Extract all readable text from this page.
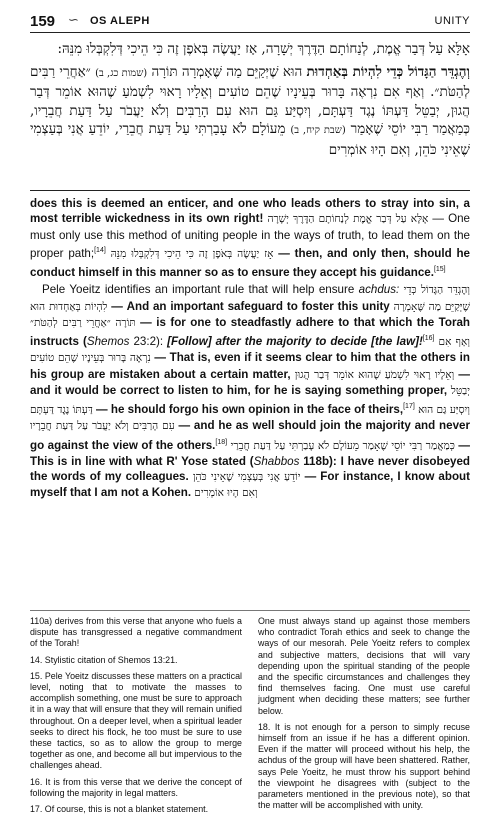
159 ∽ OS ALEPH	UNITY

אָלָּא עַל דְּבַר אֱמֶת, לְנַחוֹתָם הַדֶּרֶךְ יְשָׁרָה, אָז יַעֲשֶׂה בְּאֹפֶן זֶה כִּי הֵיכִי דְּלִקְבְּלוּ מִנֵּהּ:

וְהֶגְדֵּר הַגָּדוֹל כְּדֵי לִהְיוֹת בְּאַחְדוּת הוּא שֶׁיְּקַיֵּם מַה שֶּׁאָמְרָה תּוֹרָה (שמות כג, ב) ״אַחֲרֵי רַבִּים לְהַטֹּת״. וְאַף אִם נִרְאֶה בָּרוּר בְּעֵינָיו שֶׁהֵם טוֹעִים וְאֵלָיו רָאוּי לִשְׁמֹעַ שֶׁהוּא אוֹמֵר דְּבַר הֲגוּן, יְבַטֵּל דַּעְתּוֹ נֶגֶד דַּעְתָּם, וְיִסְיַּע גַּם הוּא עִם הָרַבִּים וְלֹא יַעֲבֹר עַל דַּעַת חֲבֵרָיו, כְּמַאֲמַר רַבִּי יוֹסֵי שֶׁאָמַר (שבת קיח, ב) מֵעוֹלָם לֹא עָבַרְתִּי עַל דַּעַת חֲבֵרַי, יוֹדֵעַ אֲנִי בְּעַצְמִי שֶׁאֵינִי כֹּהֵן, וְאִם הָיוּ אוֹמְרִים

does this is deemed an enticer, and one who leads others to stray into sin, a most terrible wickedness in its own right! אָלָּא עַל דְּבַר אֱמֶת לְנַחוֹתָם הַדֶּרֶךְ יְשָׁרָה — One must only use this method of uniting people in the ways of truth, to lead them on the proper path;[14] אָז יַעֲשֶׂה בְּאֹפֶן זֶה כִּי הֵיכִי דְּלִקְבְּלוּ מִנֵּהּ — then, and only then, should he conduct himself in this manner so as to ensure they accept his guidance.[15]

Pele Yoeitz identifies an important rule that will help ensure achdus: וְהֶגְדֵּר הַגָּדוֹל כְּדֵי לִהְיוֹת בְּאַחְדוּת הוּא — And an important safeguard to foster this unity שֶׁיְּקַיֵּם מַה שֶּׁאָמְרָה תּוֹרָה ״אַחֲרֵי רַבִּים לְהַטֹּת״ — is for one to steadfastly adhere to that which the Torah instructs (Shemos 23:2): [Follow] after the majority to decide [the law]![16] וְאַף אִם נִרְאֶה בָּרוּר בְּעֵינָיו שֶׁהֵם טוֹעִים — That is, even if it seems clear to him that the others in his group are mistaken about a certain matter,	וְאֵלָיו רָאוּי לִשְׁמֹעַ שֶׁהוּא אוֹמֵר דְּבַר הֲגוּן	— and it would be correct to listen to him, for he is saying something proper, יְבַטֵּל דַּעְתּוֹ נֶגֶד דַּעְתָּם — he should forgo his own opinion in the face of theirs,[17] וְיִסְיַּע גַּם הוּא עִם הָרַבִּים וְלֹא יַעֲבֹר עַל דַּעַת חֲבֵרָיו — and he as well should join the majority and never go against the view of the others.[18]	כְּמַאֲמַר רַבִּי יוֹסֵי שֶׁאָמַר מֵעוֹלָם לֹא עָבַרְתִּי עַל דַּעַת חֲבֵרַי	— This is in line with what R' Yose stated (Shabbos 118b): I have never disobeyed the words of my colleagues. יוֹדֵעַ אֲנִי בְּעַצְמִי שֶׁאֵינִי כֹּהֵן — For instance, I know about myself that I am not a Kohen. וְאִם הָיוּ אוֹמְרִים

110a) derives from this verse that anyone who fuels a dispute has transgressed a negative commandment of the Torah!

14. Stylistic citation of Shemos 13:21.

15. Pele Yoeitz discusses these matters on a practical level, noting that to motivate the masses to accomplish something, one must be sure to approach it in a way that will ensure that they will remain unified throughout. On a deeper level, when a spiritual leader seeks to direct his flock, he too must be sure to use these tactics, so as to allow the group to merge together as one, and become all but impervious to the challenges ahead.

16. It is from this verse that we derive the concept of following the majority in legal matters.

17. Of course, this is not a blanket statement.

One must always stand up against those members who contradict Torah ethics and seek to change the ways of our mesorah. Pele Yoeitz refers to complex and subjective matters, decisions that will vary depending upon the spiritual standing of the people and the specific circumstances and challenges they find themselves facing. One must use careful judgment when deciding these matters; see further below.

18. It is not enough for a person to simply recuse himself from an issue if he has a different opinion. Even if the matter will proceed without his help, the achdus of the group will have been shattered. Rather, says Pele Yoeitz, he must throw his support behind the viewpoint he disagrees with (subject to the parameters mentioned in the previous note), so that the matter will be accomplished with unity.
